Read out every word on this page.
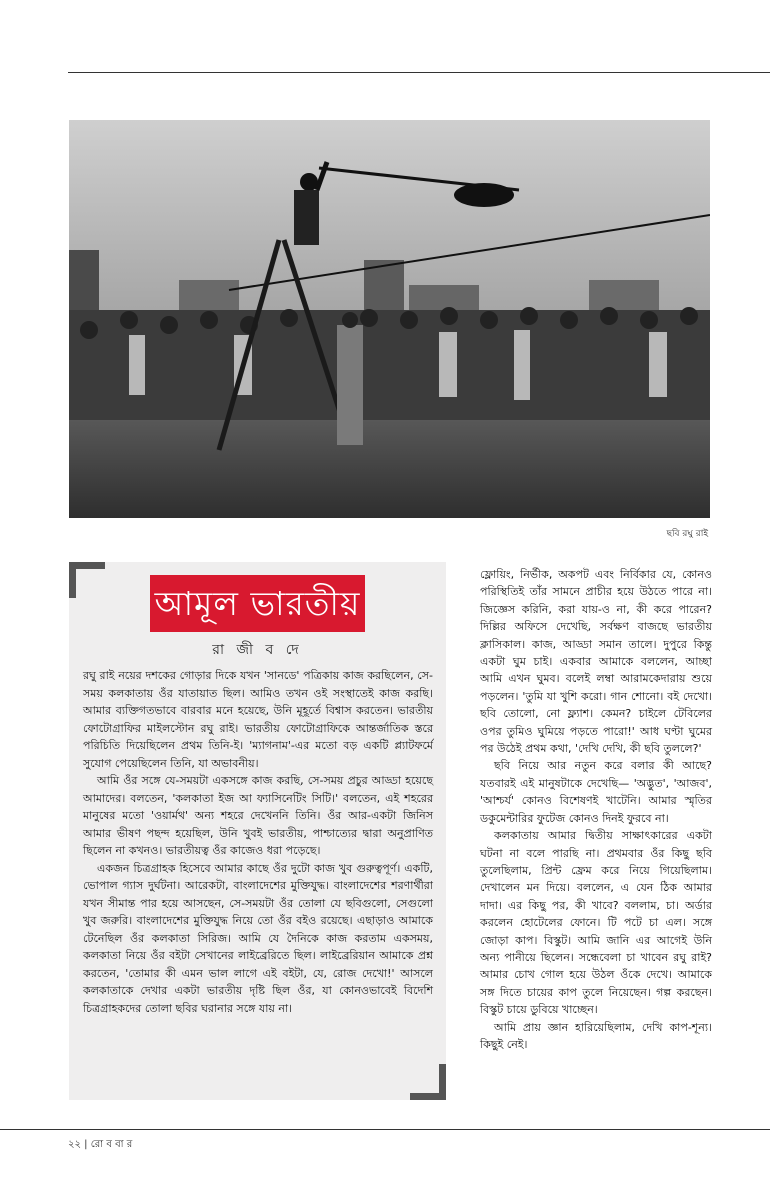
ছবি রঘু রাই
আমূল ভারতীয়
রা জী ব দে

রঘু রাই নয়ের দশকের গোড়ার দিকে যখন 'সানডে' পত্রিকায় কাজ করছিলেন, সে-সময় কলকাতায় ওঁর যাতায়াত ছিল। আমিও তখন ওই সংস্থাতেই কাজ করছি। আমার ব্যক্তিগতভাবে বারবার মনে হয়েছে, উনি মূহূর্তে বিশ্বাস করতেন। ভারতীয় ফোটোগ্রাফির মাইলস্টোন রঘু রাই। ভারতীয় ফোটোগ্রাফিকে আন্তর্জাতিক স্তরে পরিচিতি দিয়েছিলেন প্রথম তিনি-ই। 'ম্যাগনাম'-এর মতো বড় একটি প্ল্যাটফর্মে সুযোগ পেয়েছিলেন তিনি, যা অভাবনীয়।

আমি ওঁর সঙ্গে যে-সময়টা একসঙ্গে কাজ করছি, সে-সময় প্রচুর আড্ডা হয়েছে আমাদের। বলতেন, 'কলকাতা ইজ আ ফ্যাসিনেটিং সিটি।' বলতেন, এই শহরের মানুষের মতো 'ওয়ার্মথ' অন্য শহরে দেখেননি তিনি। ওঁর আর-একটা জিনিস আমার ভীষণ পছন্দ হয়েছিল, উনি খুবই ভারতীয়, পাশ্চাত্যের দ্বারা অনুপ্রাণিত ছিলেন না কখনও। ভারতীয়ত্ব ওঁর কাজেও ধরা পড়েছে।

একজন চিত্রগ্রাহক হিসেবে আমার কাছে ওঁর দুটো কাজ খুব গুরুত্বপূর্ণ। একটি, ভোপাল গ্যাস দুর্ঘটনা। আরেকটা, বাংলাদেশের মুক্তিযুদ্ধ। বাংলাদেশের শরণার্থীরা যখন সীমান্ত পার হয়ে আসছেন, সে-সময়টা ওঁর তোলা যে ছবিগুলো, সেগুলো খুব জরুরি। বাংলাদেশের মুক্তিযুদ্ধ নিয়ে তো ওঁর বইও রয়েছে। এছাড়াও আমাকে টেনেছিল ওঁর কলকাতা সিরিজ। আমি যে দৈনিকে কাজ করতাম একসময়, কলকাতা নিয়ে ওঁর বইটা সেখানের লাইব্রেরিতে ছিল। লাইব্রেরিয়ান আমাকে প্রশ্ন করতেন, 'তোমার কী এমন ভাল লাগে এই বইটা, যে, রোজ দেখো!' আসলে কলকাতাকে দেখার একটা ভারতীয় দৃষ্টি ছিল ওঁর, যা কোনওভাবেই বিদেশি চিত্রগ্রাহকদের তোলা ছবির ঘরানার সঙ্গে যায় না।

ফ্লোয়িং, নির্ভীক, অকপট এবং নির্বিকার যে, কোনও পরিস্থিতিই তাঁর সামনে প্রাচীর হয়ে উঠতে পারে না। জিজ্ঞেস করিনি, করা যায়-ও না, কী করে পারেন? দিল্লির অফিসে দেখেছি, সর্বক্ষণ বাজছে ভারতীয় ক্লাসিকাল। কাজ, আড্ডা সমান তালে। দুপুরে কিন্তু একটা ঘুম চাই। একবার আমাকে বললেন, আচ্ছা আমি এখন ঘুমব। বলেই লম্বা আরামকেদারায় শুয়ে পড়লেন। 'তুমি যা খুশি করো। গান শোনো। বই দেখো। ছবি তোলো, নো ফ্ল্যাশ। কেমন? চাইলে টেবিলের ওপর তুমিও ঘুমিয়ে পড়তে পারো!' আধ ঘণ্টা ঘুমের পর উঠেই প্রথম কথা, 'দেখি দেখি, কী ছবি তুললে?'

ছবি নিয়ে আর নতুন করে বলার কী আছে? যতবারই এই মানুষটাকে দেখেছি— 'অদ্ভুত', 'আজব', 'আশ্চর্য' কোনও বিশেষণই খাটেনি। আমার স্মৃতির ডকুমেন্টারির ফুটেজ কোনও দিনই ফুরবে না।

কলকাতায় আমার দ্বিতীয় সাক্ষাৎকারের একটা ঘটনা না বলে পারছি না। প্রথমবার ওঁর কিছু ছবি তুলেছিলাম, প্রিন্ট ফ্রেম করে নিয়ে গিয়েছিলাম। দেখালেন মন দিয়ে। বললেন, এ যেন ঠিক আমার দাদা। এর কিছু পর, কী খাবে? বললাম, চা। অর্ডার করলেন হোটেলের ফোনে। টি পটে চা এল। সঙ্গে জোড়া কাপ। বিস্কুট। আমি জানি এর আগেই উনি অন্য পানীয়ে ছিলেন। সন্ধেবেলা চা খাবেন রঘু রাই? আমার চোখ গোল হয়ে উঠল ওঁকে দেখে। আমাকে সঙ্গ দিতে চায়ের কাপ তুলে নিয়েছেন। গল্প করছেন। বিস্কুট চায়ে ডুবিয়ে খাচ্ছেন।

আমি প্রায় জ্ঞান হারিয়েছিলাম, দেখি কাপ-শূন্য। কিছুই নেই।

২২ | রো ব বা র
